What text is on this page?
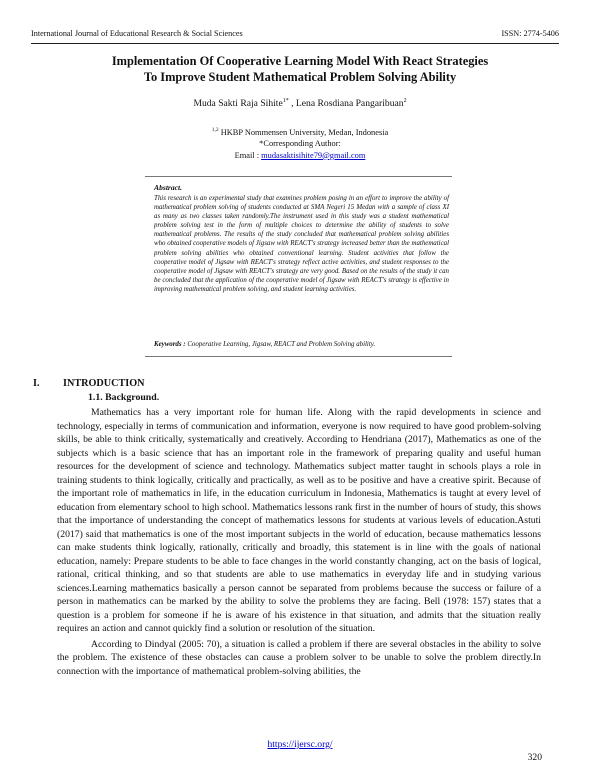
International Journal of Educational Research & Social Sciences	ISSN: 2774-5406
Implementation Of Cooperative Learning Model With React Strategies
To Improve Student Mathematical Problem Solving Ability
Muda Sakti Raja Sihite$^{1*}$ , Lena Rosdiana Pangaribuan$^2$
$^{1,2}$ HKBP Nommensen University, Medan, Indonesia
*Corresponding Author:
Email : mudasaktisihite79@gmail.com
Abstract.
This research is an experimental study that examines problem posing in an effort to improve the ability of mathematical problem solving of students conducted at SMA Negeri 15 Medan with a sample of class XI as many as two classes taken randomly.The instrument used in this study was a student mathematical problem solving test in the form of multiple choices to determine the ability of students to solve mathematical problems. The results of the study concluded that mathematical problem solving abilities who obtained cooperative models of Jigsaw with REACT's strategy increased better than the mathematical problem solving abilities who obtained conventional learning. Student activities that follow the cooperative model of Jigsaw with REACT's strategy reflect active activities, and student responses to the cooperative model of Jigsaw with REACT's strategy are very good. Based on the results of the study it can be concluded that the application of the cooperative model of Jigsaw with REACT's strategy is effective in improving mathematical problem solving, and student learning activities.
Keywords : Cooperative Learning, Jigsaw, REACT and Problem Solving ability.
I. INTRODUCTION
1.1. Background.

Mathematics has a very important role for human life. Along with the rapid developments in science and technology, especially in terms of communication and information, everyone is now required to have good problem-solving skills, be able to think critically, systematically and creatively. According to Hendriana (2017), Mathematics as one of the subjects which is a basic science that has an important role in the framework of preparing quality and useful human resources for the development of science and technology. Mathematics subject matter taught in schools plays a role in training students to think logically, critically and practically, as well as to be positive and have a creative spirit. Because of the important role of mathematics in life, in the education curriculum in Indonesia, Mathematics is taught at every level of education from elementary school to high school. Mathematics lessons rank first in the number of hours of study, this shows that the importance of understanding the concept of mathematics lessons for students at various levels of education.Astuti (2017) said that mathematics is one of the most important subjects in the world of education, because mathematics lessons can make students think logically, rationally, critically and broadly, this statement is in line with the goals of national education, namely: Prepare students to be able to face changes in the world constantly changing, act on the basis of logical, rational, critical thinking, and so that students are able to use mathematics in everyday life and in studying various sciences.Learning mathematics basically a person cannot be separated from problems because the success or failure of a person in mathematics can be marked by the ability to solve the problems they are facing. Bell (1978: 157) states that a question is a problem for someone if he is aware of his existence in that situation, and admits that the situation really requires an action and cannot quickly find a solution or resolution of the situation.

According to Dindyal (2005: 70), a situation is called a problem if there are several obstacles in the ability to solve the problem. The existence of these obstacles can cause a problem solver to be unable to solve the problem directly.In connection with the importance of mathematical problem-solving abilities, the

https://ijersc.org/
320
